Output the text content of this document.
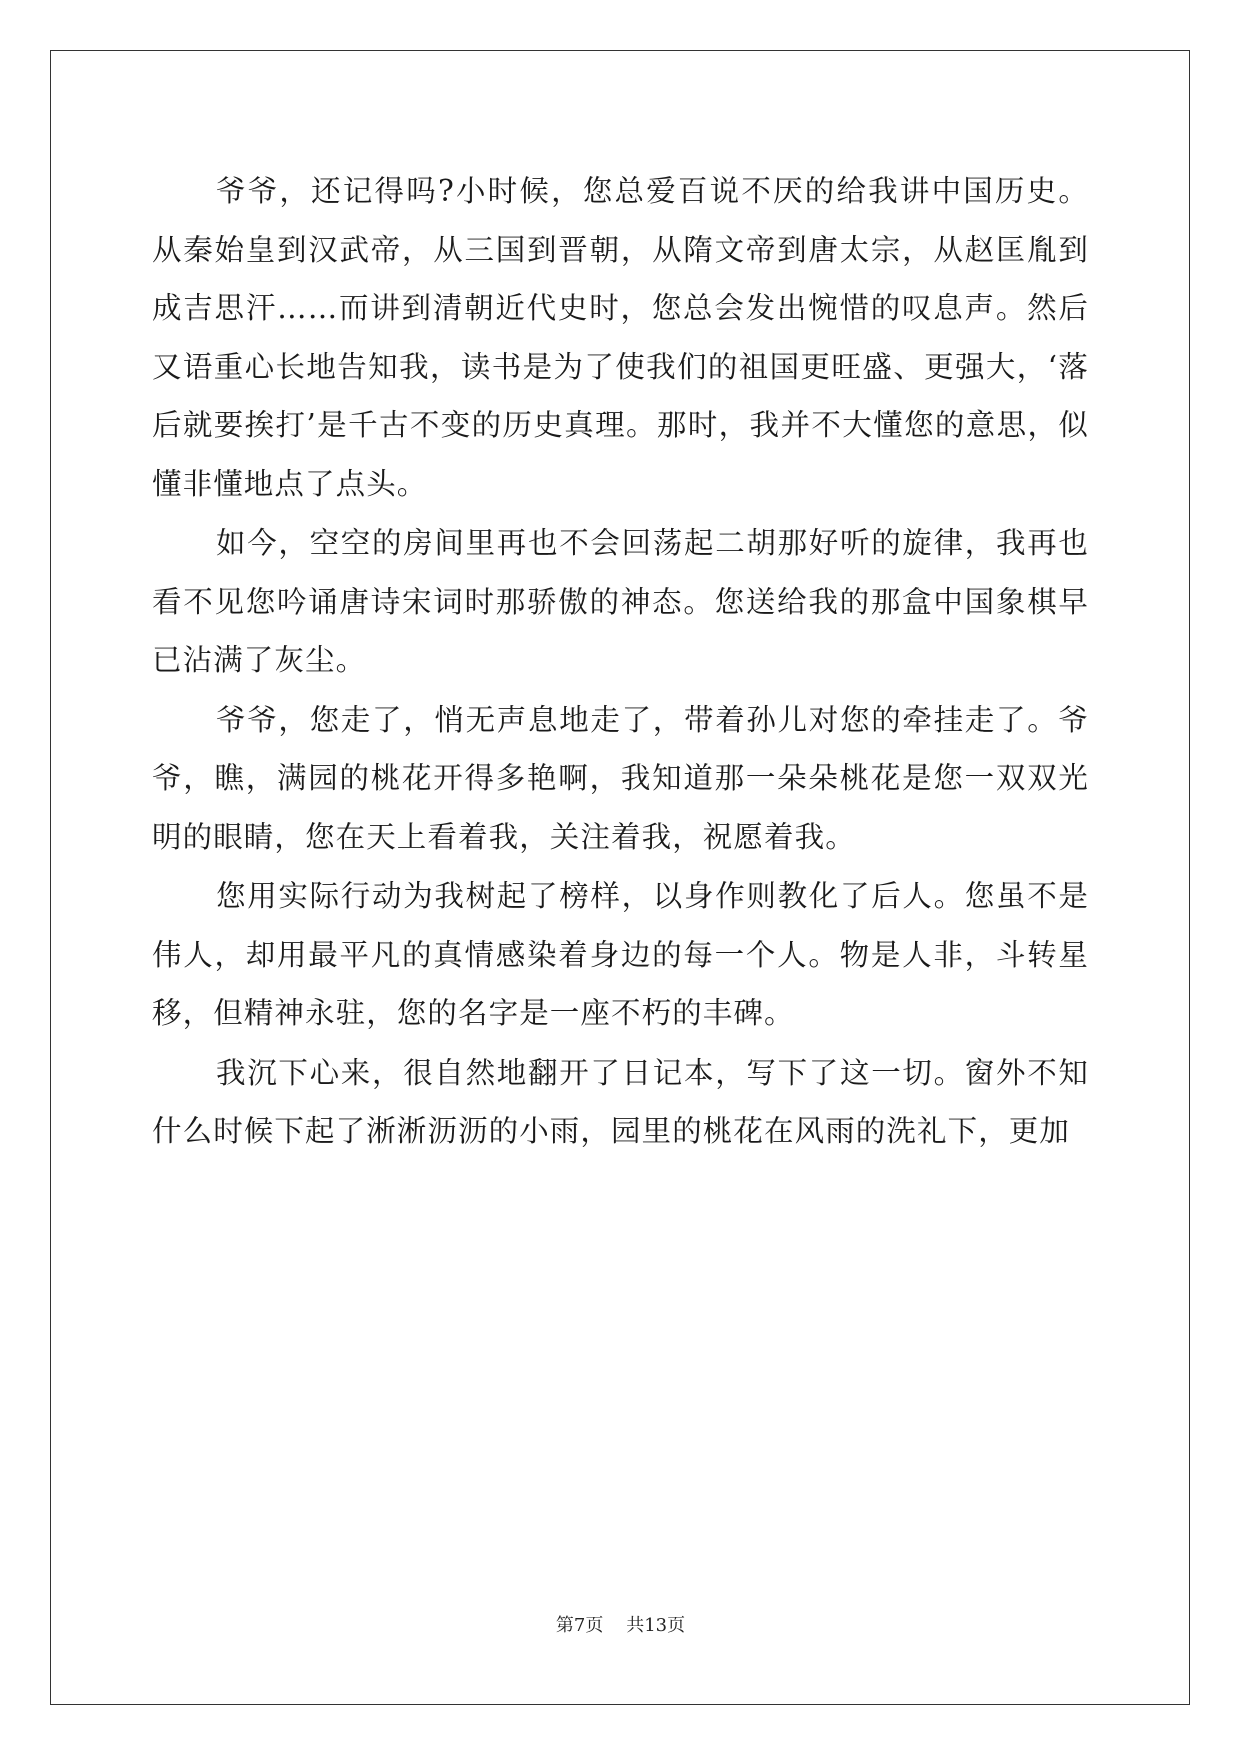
爷爷，还记得吗?小时候，您总爱百说不厌的给我讲中国历史。从秦始皇到汉武帝，从三国到晋朝，从隋文帝到唐太宗，从赵匡胤到成吉思汗……而讲到清朝近代史时，您总会发出惋惜的叹息声。然后又语重心长地告知我，读书是为了使我们的祖国更旺盛、更强大，‘落后就要挨打’是千古不变的历史真理。那时，我并不大懂您的意思，似懂非懂地点了点头。

如今，空空的房间里再也不会回荡起二胡那好听的旋律，我再也看不见您吟诵唐诗宋词时那骄傲的神态。您送给我的那盒中国象棋早已沾满了灰尘。

爷爷，您走了，悄无声息地走了，带着孙儿对您的牵挂走了。爷爷，瞧，满园的桃花开得多艳啊，我知道那一朵朵桃花是您一双双光明的眼睛，您在天上看着我，关注着我，祝愿着我。

您用实际行动为我树起了榜样，以身作则教化了后人。您虽不是伟人，却用最平凡的真情感染着身边的每一个人。物是人非，斗转星移，但精神永驻，您的名字是一座不朽的丰碑。

我沉下心来，很自然地翻开了日记本，写下了这一切。窗外不知什么时候下起了淅淅沥沥的小雨，园里的桃花在风雨的洗礼下，更加

第7页    共13页
